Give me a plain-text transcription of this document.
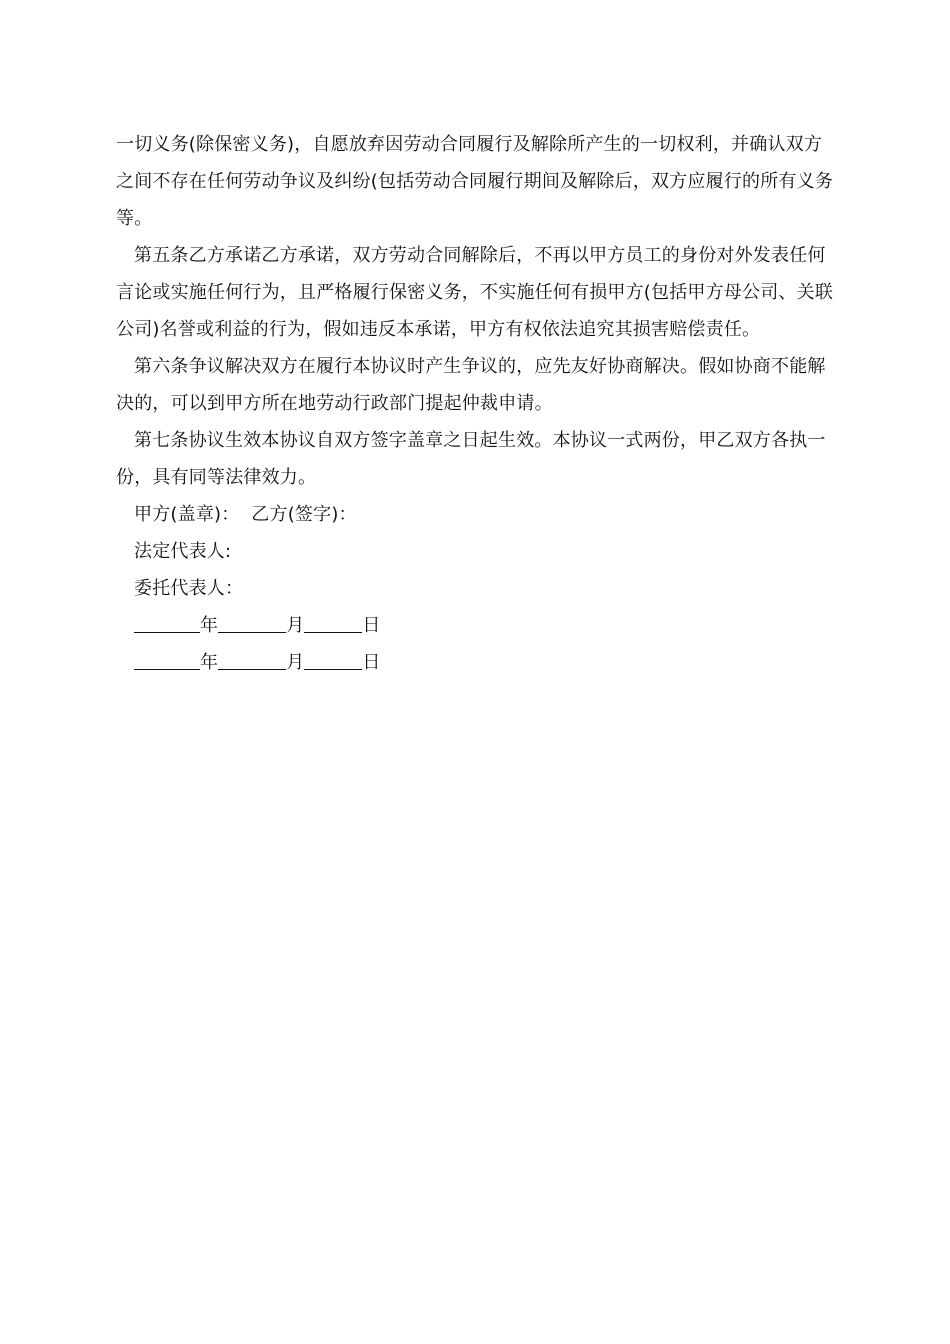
一切义务(除保密义务)，自愿放弃因劳动合同履行及解除所产生的一切权利，并确认双方之间不存在任何劳动争议及纠纷(包括劳动合同履行期间及解除后，双方应履行的所有义务等。

第五条乙方承诺乙方承诺，双方劳动合同解除后，不再以甲方员工的身份对外发表任何言论或实施任何行为，且严格履行保密义务，不实施任何有损甲方(包括甲方母公司、关联公司)名誉或利益的行为，假如违反本承诺，甲方有权依法追究其损害赔偿责任。

第六条争议解决双方在履行本协议时产生争议的，应先友好协商解决。假如协商不能解决的，可以到甲方所在地劳动行政部门提起仲裁申请。

第七条协议生效本协议自双方签字盖章之日起生效。本协议一式两份，甲乙双方各执一份，具有同等法律效力。

甲方(盖章)： 乙方(签字)：

法定代表人:

委托代表人：

年	月	日

年	月	日
